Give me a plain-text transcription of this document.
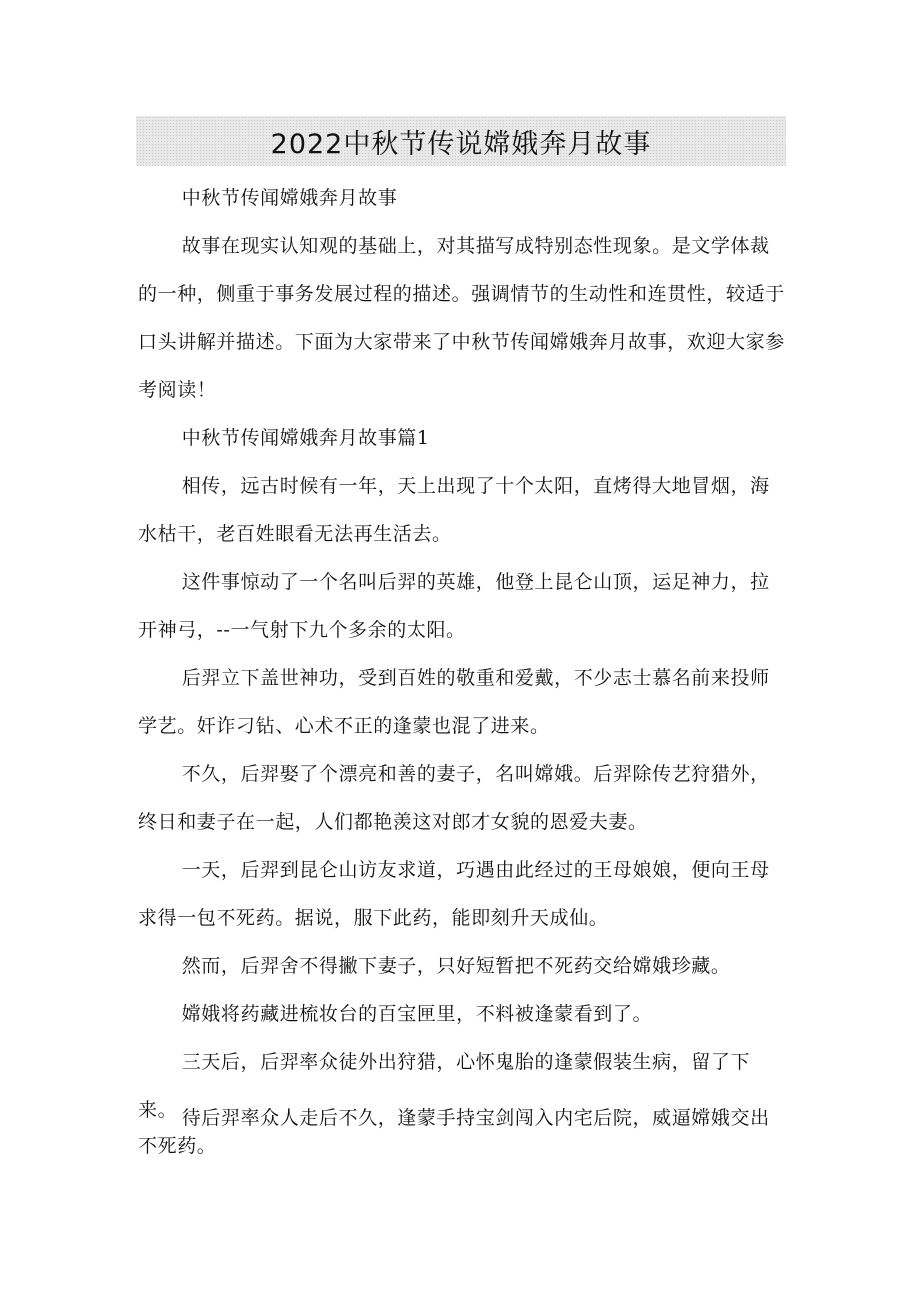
2022中秋节传说嫦娥奔月故事

中秋节传闻嫦娥奔月故事

故事在现实认知观的基础上，对其描写成特别态性现象。是文学体裁的一种，侧重于事务发展过程的描述。强调情节的生动性和连贯性，较适于口头讲解并描述。下面为大家带来了中秋节传闻嫦娥奔月故事，欢迎大家参考阅读！

中秋节传闻嫦娥奔月故事篇1

相传，远古时候有一年，天上出现了十个太阳，直烤得大地冒烟，海水枯干，老百姓眼看无法再生活去。

这件事惊动了一个名叫后羿的英雄，他登上昆仑山顶，运足神力，拉开神弓，--一气射下九个多余的太阳。

后羿立下盖世神功，受到百姓的敬重和爱戴，不少志士慕名前来投师学艺。奸诈刁钻、心术不正的逢蒙也混了进来。

不久，后羿娶了个漂亮和善的妻子，名叫嫦娥。后羿除传艺狩猎外，终日和妻子在一起，人们都艳羡这对郎才女貌的恩爱夫妻。

一天，后羿到昆仑山访友求道，巧遇由此经过的王母娘娘，便向王母求得一包不死药。据说，服下此药，能即刻升天成仙。

然而，后羿舍不得撇下妻子，只好短暂把不死药交给嫦娥珍藏。

嫦娥将药藏进梳妆台的百宝匣里，不料被逢蒙看到了。

三天后，后羿率众徒外出狩猎，心怀鬼胎的逢蒙假装生病，留了下来。 待后羿率众人走后不久，逢蒙手持宝剑闯入内宅后院，威逼嫦娥交出不死药。
